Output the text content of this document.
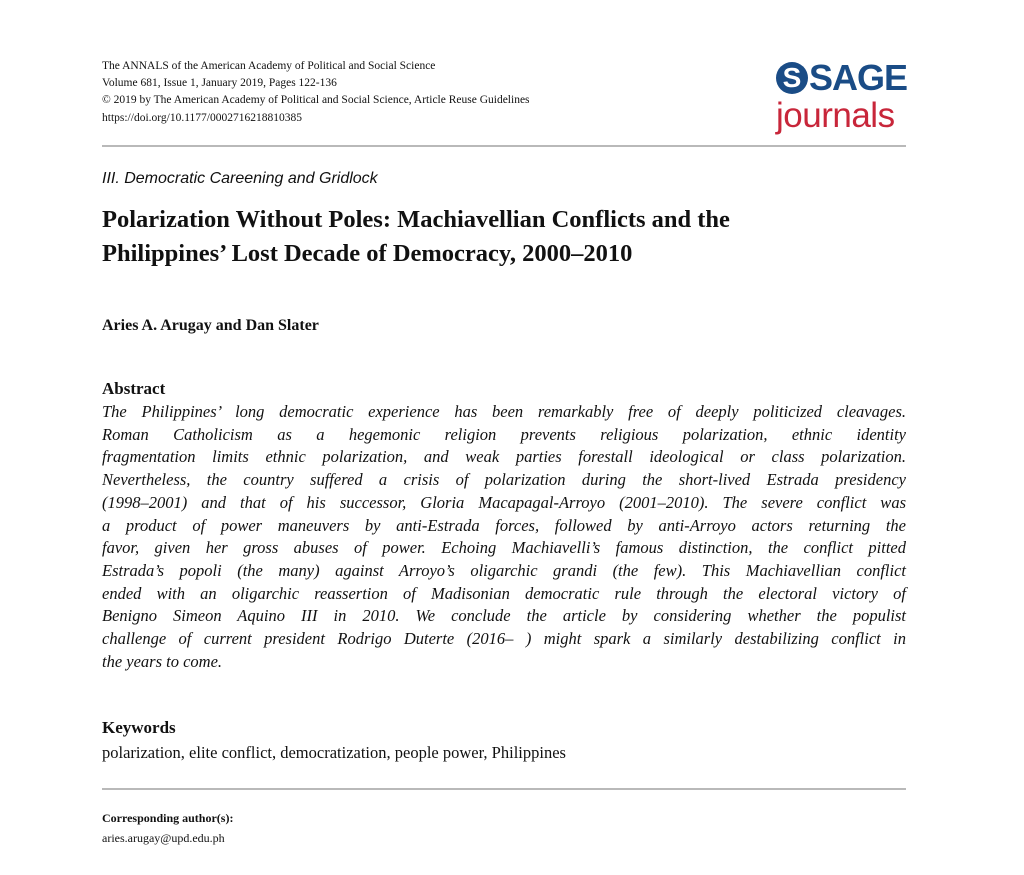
The ANNALS of the American Academy of Political and Social Science
Volume 681, Issue 1, January 2019, Pages 122-136
© 2019 by The American Academy of Political and Social Science, Article Reuse Guidelines
https://doi.org/10.1177/0002716218810385
S SAGE
journals
III. Democratic Careening and Gridlock
Polarization Without Poles: Machiavellian Conflicts and the
Philippines’ Lost Decade of Democracy, 2000–2010
Aries A. Arugay and Dan Slater
Abstract
The Philippines’ long democratic experience has been remarkably free of deeply politicized cleavages.
Roman Catholicism as a hegemonic religion prevents religious polarization, ethnic identity
fragmentation limits ethnic polarization, and weak parties forestall ideological or class polarization.
Nevertheless, the country suffered a crisis of polarization during the short-lived Estrada presidency
(1998–2001) and that of his successor, Gloria Macapagal-Arroyo (2001–2010). The severe conflict was
a product of power maneuvers by anti-Estrada forces, followed by anti-Arroyo actors returning the
favor, given her gross abuses of power. Echoing Machiavelli’s famous distinction, the conflict pitted
Estrada’s popoli (the many) against Arroyo’s oligarchic grandi (the few). This Machiavellian conflict
ended with an oligarchic reassertion of Madisonian democratic rule through the electoral victory of
Benigno Simeon Aquino III in 2010. We conclude the article by considering whether the populist
challenge of current president Rodrigo Duterte (2016– ) might spark a similarly destabilizing conflict in
the years to come.
Keywords
polarization, elite conflict, democratization, people power, Philippines
Corresponding author(s):
aries.arugay@upd.edu.ph
